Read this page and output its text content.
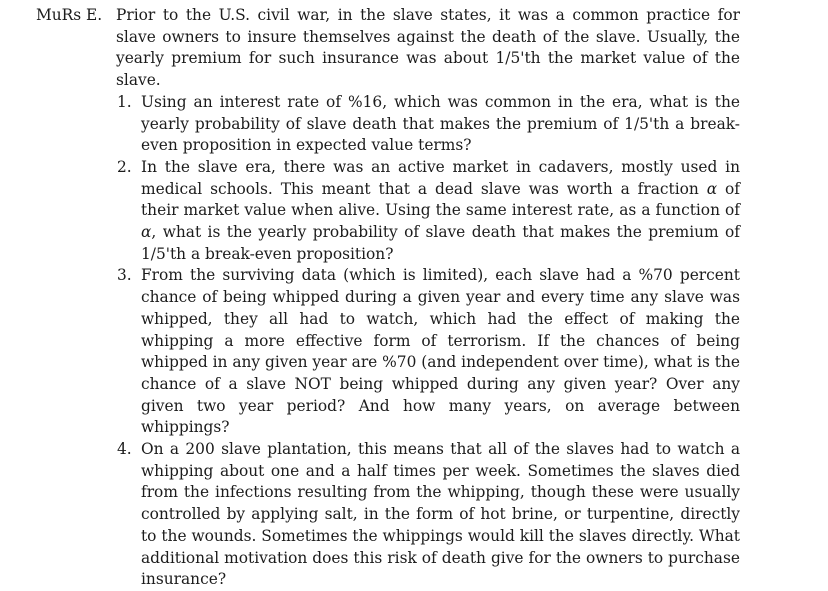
MuRs E. Prior to the U.S. civil war, in the slave states, it was a common practice for slave owners to insure themselves against the death of the slave. Usually, the yearly premium for such insurance was about 1/5'th the market value of the slave.

1. Using an interest rate of %16, which was common in the era, what is the yearly probability of slave death that makes the premium of 1/5'th a break-even proposition in expected value terms?
2. In the slave era, there was an active market in cadavers, mostly used in medical schools. This meant that a dead slave was worth a fraction α of their market value when alive. Using the same interest rate, as a function of α, what is the yearly probability of slave death that makes the premium of 1/5'th a break-even proposition?
3. From the surviving data (which is limited), each slave had a %70 percent chance of being whipped during a given year and every time any slave was whipped, they all had to watch, which had the effect of making the whipping a more effective form of terrorism. If the chances of being whipped in any given year are %70 (and independent over time), what is the chance of a slave NOT being whipped during any given year? Over any given two year period? And how many years, on average between whippings?
4. On a 200 slave plantation, this means that all of the slaves had to watch a whipping about one and a half times per week. Sometimes the slaves died from the infections resulting from the whipping, though these were usually controlled by applying salt, in the form of hot brine, or turpentine, directly to the wounds. Sometimes the whippings would kill the slaves directly. What additional motivation does this risk of death give for the owners to purchase insurance?
